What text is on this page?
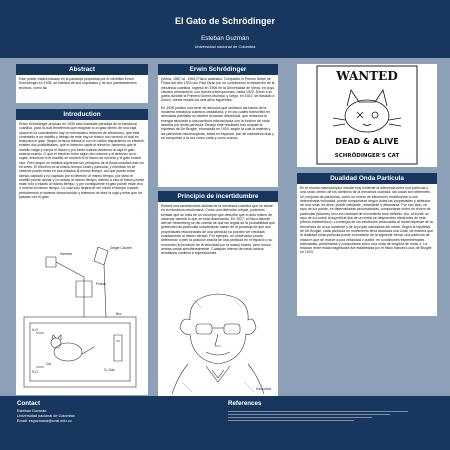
El Gato de Schrödinger
Esteban Guzmán
Universidad nacional de Colombia
Abstract
Este poster estará basado en la paradoja propuesta por el científico Erwin Schrödinger en 1935, se hablara de sus supuestos y de sus planteamientos teóricos, como tal.
Introduction
Erwin Schrödinger propuso en 1935 esta ilustrante paradoja de la mecánica cuántica, para la cual tendremos que imaginar a un gato dentro de una caja opaca en la cual también hay un mecanismo detector de electrones, que está conectado a un martillo y debajo de este hay un frasco con veneno el cual es letal para el gato. Según la física clásica si con un cañón disparamos un electrón existen dos posibilidades, que el detector capte el electrón, haciendo que el martillo caiga y rompa el frasco y por tanto cuando abramos la caja el gato estaría muerto. O que el electrón tome algún otro camino y el detector no lo capte, entonces ni el martillo se moverá ni el frasco se moverá y el gato estará vivo. Pero según un análisis siguiendo los principios de la física cuántica esto no es cierto. El electrón es al mismo tiempo onda y partícula, y mientras no se observe puede estar en dos estados al mismo tiempo, así que puede estar siendo captado y no captado por el detector al mismo tiempo, por tanto el martillo puede actuar y no actuar al mismo tiempo, debido a esto el frasco puede estar roto o intacto al mismo tiempo, y por consiguiente el gato puede estar vivo o muerto al mismo tiempo. Lo cual solo dejara de ser cierto el tiempo cuando perturbemos el sistema observándolo y tratemos de abrir la caja y mirar que ha pasado con el gato.
Hammer
Poison
Geiger Counter
Box
Cat
H₂O
H₂O	O₂ Gas
Erwin Schrödinger
(Viena, 1887-id., 1961) Físico austriaco. Compartió el Premio Nobel de Física del año 1933 con Paul Dirac por su contribución al desarrollo de la mecánica cuántica. Ingresó en 1906 en la Universidad de Viena, en cuyo claustro permaneció, con breves interrupciones, hasta 1920. Sirvió a su patria durante la Primera Guerra Mundial, y luego, en 1921, se trasladó a Zurich, donde residió los seis años siguientes.
En 1926 publicó una serie de artículos que sentaron las bases de la moderna mecánica cuántica ondulatoria, y en los cuales transcribió en derivadas parciales su célebre ecuación diferencial, que relaciona la energía asociada a una partícula microscópica con la función de onda descrita por dicha partícula. Dedujo este resultado tras adoptar la hipótesis de De Broglie, enunciada en 1924, según la cual la materia y las partículas microscópicas, éstas en especial, son de naturaleza dual y se comportan a la vez como onda y como cuerpo.
Principio de incertidumbre
Revela una característica distinta de la mecánica cuántica que no existe en la mecánica newtoniana. Como una definición simple, podemos señalar que se trata de un concepto que describe que el acto mismo de observar cambia lo que se está observando. En 1927, el físico alemán werner heisenberg se dio cuenta de que las reglas de la probabilidad que gobiernan las partículas subatómicas nacen de la paradoja de que dos propiedades relacionadas de una partícula no pueden ser medidas exactamente al mismo tiempo. Por ejemplo, un observador puede determinar o bien la posición exacta de una partícula en el espacio o su momento (el producto de la velocidad por la masa) exacto, pero nunca ambas cosas simultáneamente. Cualquier intento de medir ambos resultados conlleva a imprecisiones.
Kasumba
WANTED
DEAD & ALIVE
SCHRÖDINGER'S CAT
Dualidad Onda Partícula
En el mundo macroscópico resulta muy evidente la diferencia entre una partícula y una onda; dentro de los dominios de la mecánica cuántica, las cosas son diferentes. Un conjunto de partículas, como un chorro de electrones moviéndose a una determinada velocidad, puede comportarse según todas las propiedades y atributos de una onda, es decir: puede reflejarse, refractarse y difractarse. Por otro lado, un rayo de luz puede, en determinadas circunstancias, comportarse como un chorro de partículas (fotones) con una cantidad de movimiento bien definido. Así, al incidir un rayo de luz sobre la superficie lisa de un metal se desprenden electrones de éste (efecto fotoeléctrico). La energía de los electrones arrancados al metal depende de la frecuencia de la luz incidente y de la propia naturaleza del metal. Según la hipótesis de De Broglie, cada partícula en movimiento lleva asociada una onda, de manera que la dualidad onda-partícula puede enunciarse de la siguiente forma: una partícula de masa m que se mueve a una velocidad v puede, en condiciones experimentales adecuadas, presentarse y comportarse como una onda de longitud de onda, λ. La relación entre estas magnitudes fue establecida por el físico francés Louis de Broglie en 1924.
Contact
Esteban Guzmán
Universidad nacional de Colombia
Email: esguzmana@unal.edu.co
References
